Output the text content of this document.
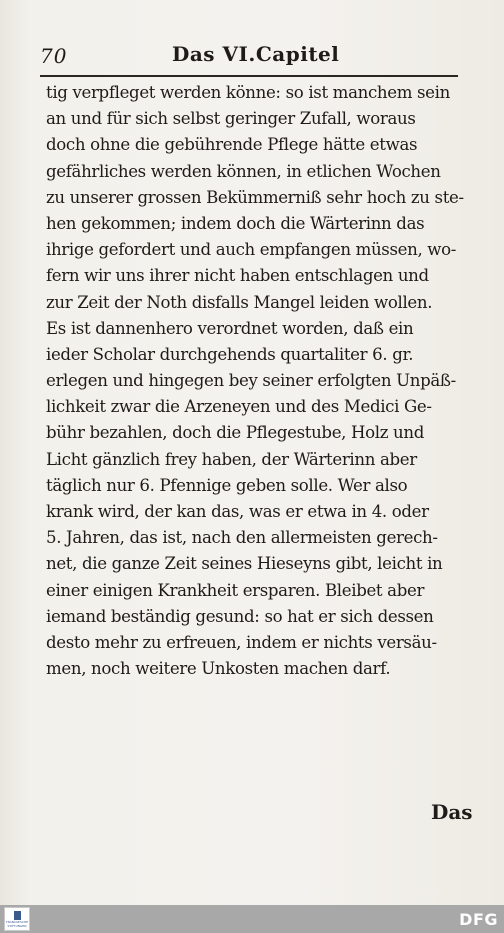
70	Das VI.Capitel
tig verpfleget werden könne: so ist manchem sein
an und für sich selbst geringer Zufall, woraus
doch ohne die gebührende Pflege hätte etwas
gefährliches werden können, in etlichen Wochen
zu unserer grossen Bekümmerniß sehr hoch zu ste-
hen gekommen; indem doch die Wärterinn das
ihrige gefordert und auch empfangen müssen, wo-
fern wir uns ihrer nicht haben entschlagen und
zur Zeit der Noth disfalls Mangel leiden wollen.
Es ist dannenhero verordnet worden, daß ein
ieder Scholar durchgehends quartaliter 6. gr.
erlegen und hingegen bey seiner erfolgten Unpäß-
lichkeit zwar die Arzeneyen und des Medici Ge-
bühr bezahlen, doch die Pflegestube, Holz und
Licht gänzlich frey haben, der Wärterinn aber
täglich nur 6. Pfennige geben solle. Wer also
krank wird, der kan das, was er etwa in 4. oder
5. Jahren, das ist, nach den allermeisten gerech-
net, die ganze Zeit seines Hieseyns gibt, leicht in
einer einigen Krankheit ersparen. Bleibet aber
iemand beständig gesund: so hat er sich dessen
desto mehr zu erfreuen, indem er nichts versäu-
men, noch weitere Unkosten machen darf.
Das
FRANCKESCHE STIFTUNGEN	DFG
